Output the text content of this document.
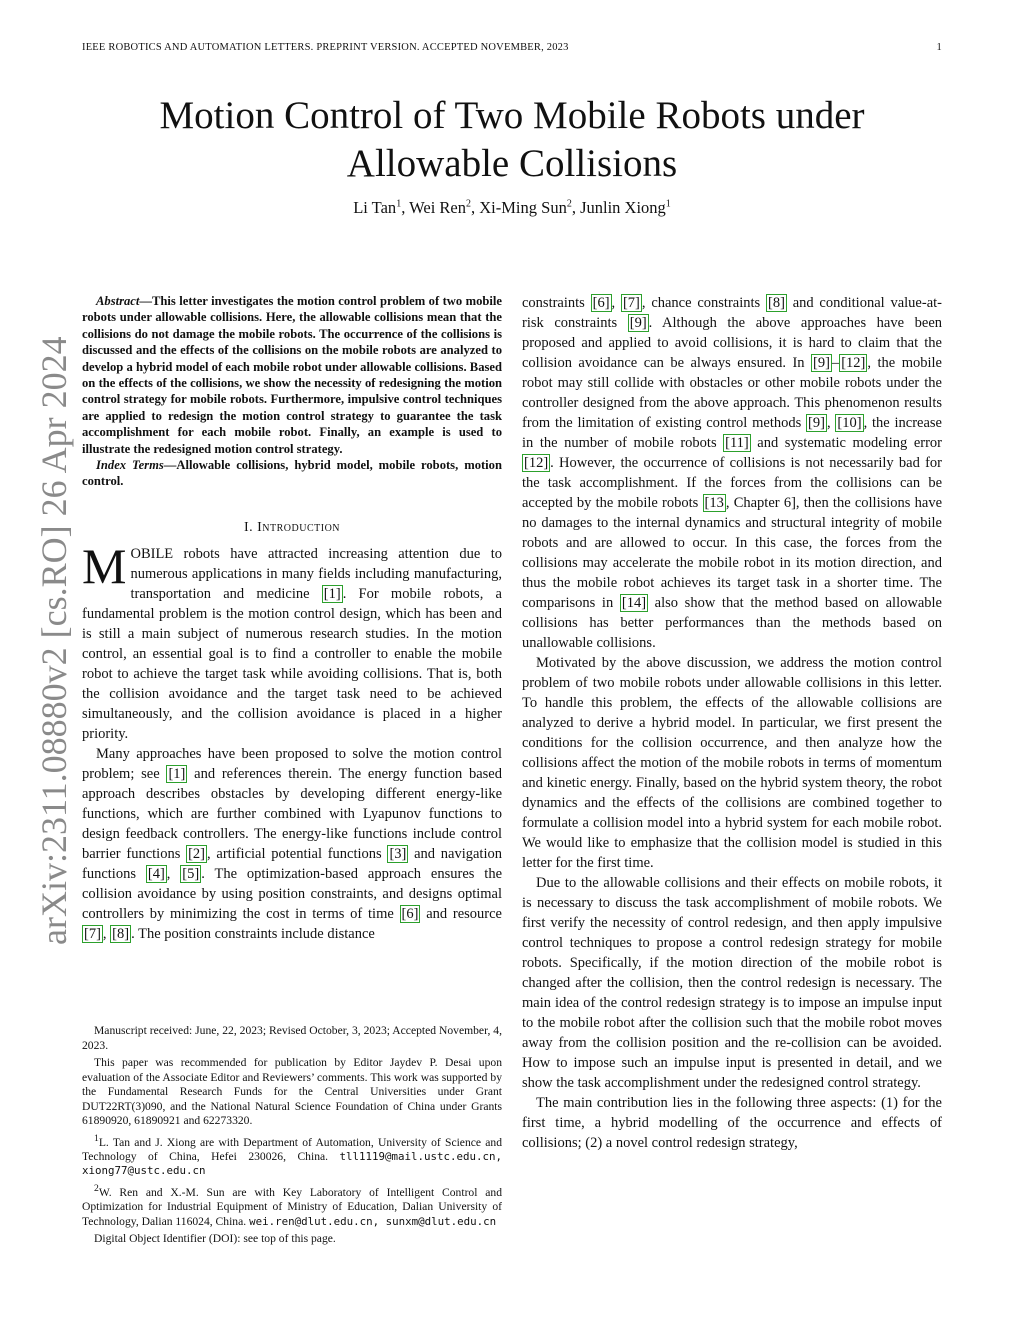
IEEE ROBOTICS AND AUTOMATION LETTERS. PREPRINT VERSION. ACCEPTED NOVEMBER, 2023	1
arXiv:2311.08880v2 [cs.RO] 26 Apr 2024
Motion Control of Two Mobile Robots under Allowable Collisions
Li Tan$^1$, Wei Ren$^2$, Xi-Ming Sun$^2$, Junlin Xiong$^1$

Abstract—This letter investigates the motion control problem of two mobile robots under allowable collisions. Here, the allowable collisions mean that the collisions do not damage the mobile robots. The occurrence of the collisions is discussed and the effects of the collisions on the mobile robots are analyzed to develop a hybrid model of each mobile robot under allowable collisions. Based on the effects of the collisions, we show the necessity of redesigning the motion control strategy for mobile robots. Furthermore, impulsive control techniques are applied to redesign the motion control strategy to guarantee the task accomplishment for each mobile robot. Finally, an example is used to illustrate the redesigned motion control strategy.

Index Terms—Allowable collisions, hybrid model, mobile robots, motion control.

I. Introduction

MOBILE robots have attracted increasing attention due to numerous applications in many fields including manufacturing, transportation and medicine [1] . For mobile robots, a fundamental problem is the motion control design, which has been and is still a main subject of numerous research studies. In the motion control, an essential goal is to find a controller to enable the mobile robot to achieve the target task while avoiding collisions. That is, both the collision avoidance and the target task need to be achieved simultaneously, and the collision avoidance is placed in a higher priority.

Many approaches have been proposed to solve the motion control problem; see [1] and references therein. The energy function based approach describes obstacles by developing different energy-like functions, which are further combined with Lyapunov functions to design feedback controllers. The energy-like functions include control barrier functions [2] , artificial potential functions [3] and navigation functions [4] , [5] . The optimization-based approach ensures the collision avoidance by using position constraints, and designs optimal controllers by minimizing the cost in terms of time [6] and resource [7] , [8] . The position constraints include distance

Manuscript received: June, 22, 2023; Revised October, 3, 2023; Accepted November, 4, 2023.

This paper was recommended for publication by Editor Jaydev P. Desai upon evaluation of the Associate Editor and Reviewers’ comments. This work was supported by the Fundamental Research Funds for the Central Universities under Grant DUT22RT(3)090, and the National Natural Science Foundation of China under Grants 61890920, 61890921 and 62273320.

$^1$L. Tan and J. Xiong are with Department of Automation, University of Science and Technology of China, Hefei 230026, China. tll1119@mail.ustc.edu.cn, xiong77@ustc.edu.cn

$^2$W. Ren and X.-M. Sun are with Key Laboratory of Intelligent Control and Optimization for Industrial Equipment of Ministry of Education, Dalian University of Technology, Dalian 116024, China. wei.ren@dlut.edu.cn, sunxm@dlut.edu.cn

Digital Object Identifier (DOI): see top of this page.

constraints [6] , [7] , chance constraints [8] and conditional value-at-risk constraints [9] . Although the above approaches have been proposed and applied to avoid collisions, it is hard to claim that the collision avoidance can be always ensured. In [9] – [12] , the mobile robot may still collide with obstacles or other mobile robots under the controller designed from the above approach. This phenomenon results from the limitation of existing control methods [9] , [10] , the increase in the number of mobile robots [11] and systematic modeling error [12] . However, the occurrence of collisions is not necessarily bad for the task accomplishment. If the forces from the collisions can be accepted by the mobile robots [13 , Chapter 6], then the collisions have no damages to the internal dynamics and structural integrity of mobile robots and are allowed to occur. In this case, the forces from the collisions may accelerate the mobile robot in its motion direction, and thus the mobile robot achieves its target task in a shorter time. The comparisons in [14] also show that the method based on allowable collisions has better performances than the methods based on unallowable collisions.

Motivated by the above discussion, we address the motion control problem of two mobile robots under allowable collisions in this letter. To handle this problem, the effects of the allowable collisions are analyzed to derive a hybrid model. In particular, we first present the conditions for the collision occurrence, and then analyze how the collisions affect the motion of the mobile robots in terms of momentum and kinetic energy. Finally, based on the hybrid system theory, the robot dynamics and the effects of the collisions are combined together to formulate a collision model into a hybrid system for each mobile robot. We would like to emphasize that the collision model is studied in this letter for the first time.

Due to the allowable collisions and their effects on mobile robots, it is necessary to discuss the task accomplishment of mobile robots. We first verify the necessity of control redesign, and then apply impulsive control techniques to propose a control redesign strategy for mobile robots. Specifically, if the motion direction of the mobile robot is changed after the collision, then the control redesign is necessary. The main idea of the control redesign strategy is to impose an impulse input to the mobile robot after the collision such that the mobile robot moves away from the collision position and the re-collision can be avoided. How to impose such an impulse input is presented in detail, and we show the task accomplishment under the redesigned control strategy.

The main contribution lies in the following three aspects: (1) for the first time, a hybrid modelling of the occurrence and effects of collisions; (2) a novel control redesign strategy,
